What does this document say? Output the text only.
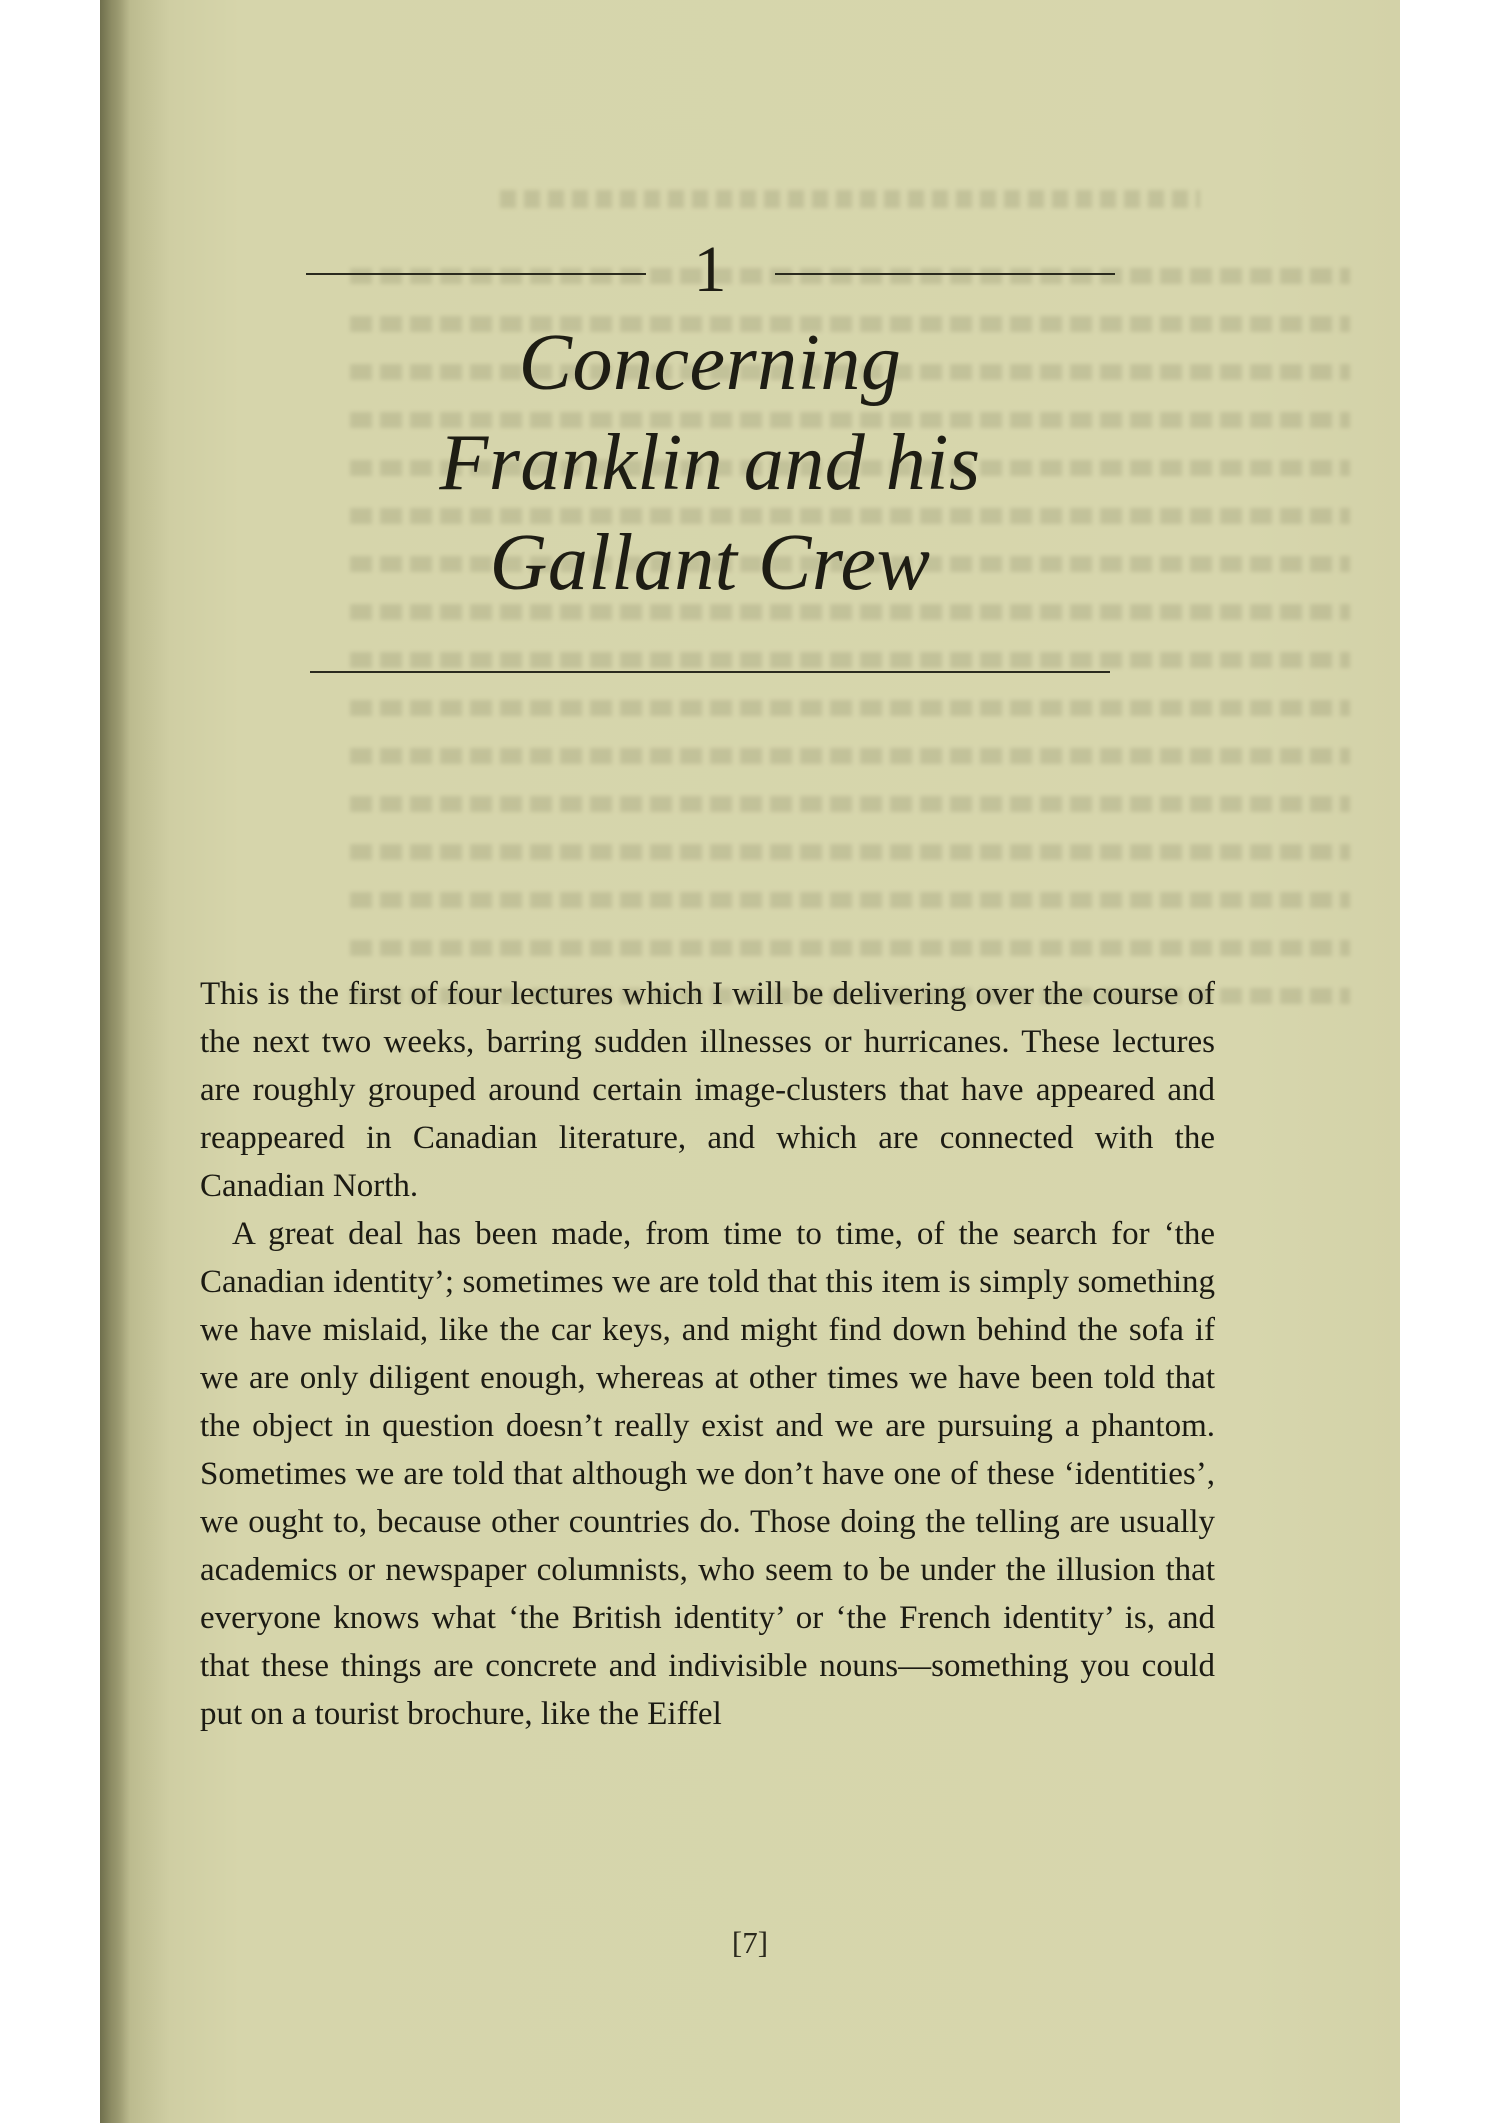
1
Concerning
Franklin and his
Gallant Crew

This is the first of four lectures which I will be delivering over the course of the next two weeks, barring sudden illnesses or hurricanes. These lectures are roughly grouped around certain image-clusters that have appeared and reappeared in Canadian literature, and which are connected with the Canadian North.

A great deal has been made, from time to time, of the search for ‘the Canadian identity’; sometimes we are told that this item is simply something we have mislaid, like the car keys, and might find down behind the sofa if we are only diligent enough, whereas at other times we have been told that the object in question doesn’t really exist and we are pursuing a phantom. Sometimes we are told that although we don’t have one of these ‘identities’, we ought to, because other countries do. Those doing the telling are usually academics or newspaper columnists, who seem to be under the illusion that everyone knows what ‘the British identity’ or ‘the French identity’ is, and that these things are concrete and indivisible nouns—something you could put on a tourist brochure, like the Eiffel

[7]
